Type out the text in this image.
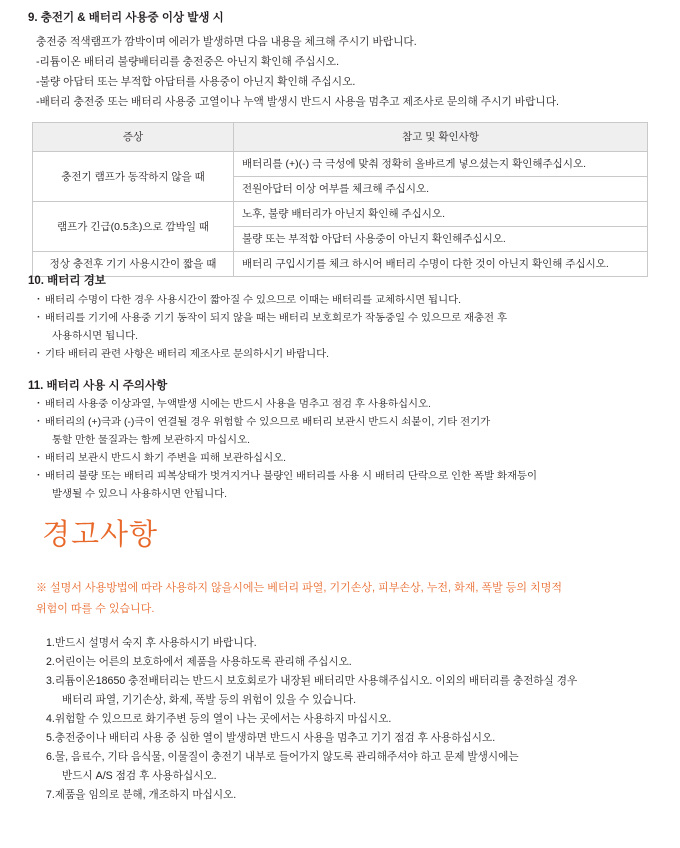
9. 충전기 & 배터리 사용중 이상 발생 시
충전중 적색램프가 깜박이며 에러가 발생하면 다음 내용을 체크해 주시기 바랍니다.
-리튬이온 배터리 불량배터리를 충전중은 아닌지 확인해 주십시오.
-불량 아답터 또는 부적합 아답터를 사용중이 아닌지 확인해 주십시오.
-배터리 충전중 또는 배터리 사용중 고열이나 누액 발생시 반드시 사용을 멈추고 제조사로 문의해 주시기 바랍니다.
증상	참고 및 확인사항
충전기 램프가 동작하지 않을 때	배터리를 (+)(-) 극 극성에 맞춰 정확히 올바르게 넣으셨는지 확인해주십시오.
	전원아답터 이상 여부를 체크해 주십시오.
램프가 긴급(0.5초)으로 깜박일 때	노후, 불량 배터리가 아닌지 확인해 주십시오.
	불량 또는 부적합 아답터 사용중이 아닌지 확인해주십시오.
정상 충전후 기기 사용시간이 짧을 때	배터리 구입시기를 체크 하시어 배터리 수명이 다한 것이 아닌지 확인해 주십시오.
10. 배터리 경보
· 배터리 수명이 다한 경우 사용시간이 짧아질 수 있으므로 이때는 배터리를 교체하시면 됩니다.
· 배터리를 기기에 사용중 기기 동작이 되지 않을 때는 배터리 보호회로가 작동중일 수 있으므로 재충전 후
사용하시면 됩니다.
· 기타 배터리 관련 사항은 배터리 제조사로 문의하시기 바랍니다.
11. 배터리 사용 시 주의사항
· 배터리 사용중 이상과열, 누액발생 시에는 반드시 사용을 멈추고 점검 후 사용하십시오.
· 배터리의 (+)극과 (-)극이 연결될 경우 위험할 수 있으므로 배터리 보관시 반드시 쇠붙이, 기타 전기가
통할 만한 물질과는 함께 보관하지 마십시오.
· 배터리 보관시 반드시 화기 주변을 피해 보관하십시오.
· 배터리 불량 또는 배터리 피복상태가 벗겨지거나 불량인 배터리를 사용 시 배터리 단락으로 인한 폭발 화재등이
발생될 수 있으니 사용하시면 안됩니다.
경고사항
※ 설명서 사용방법에 따라 사용하지 않을시에는 베터리 파열, 기기손상, 피부손상, 누전, 화재, 폭발 등의 치명적
위험이 따를 수 있습니다.
1.반드시 설명서 숙지 후 사용하시기 바랍니다.
2.어린이는 어른의 보호하에서 제품을 사용하도록 관리해 주십시오.
3.리튬이온18650 충전배터리는 반드시 보호회로가 내장된 배터리만 사용해주십시오. 이외의 배터리를 충전하실 경우
배터리 파열, 기기손상, 화제, 폭발 등의 위험이 있을 수 있습니다.
4.위험할 수 있으므로 화기주변 등의 열이 나는 곳에서는 사용하지 마십시오.
5.충전중이나 배터리 사용 중 심한 열이 발생하면 반드시 사용을 멈추고 기기 점검 후 사용하십시오.
6.물, 음료수, 기타 음식물, 이물질이 충전기 내부로 들어가지 않도록 관리해주셔야 하고 문제 발생시에는
반드시 A/S 점검 후 사용하십시오.
7.제품을 임의로 분해, 개조하지 마십시오.
